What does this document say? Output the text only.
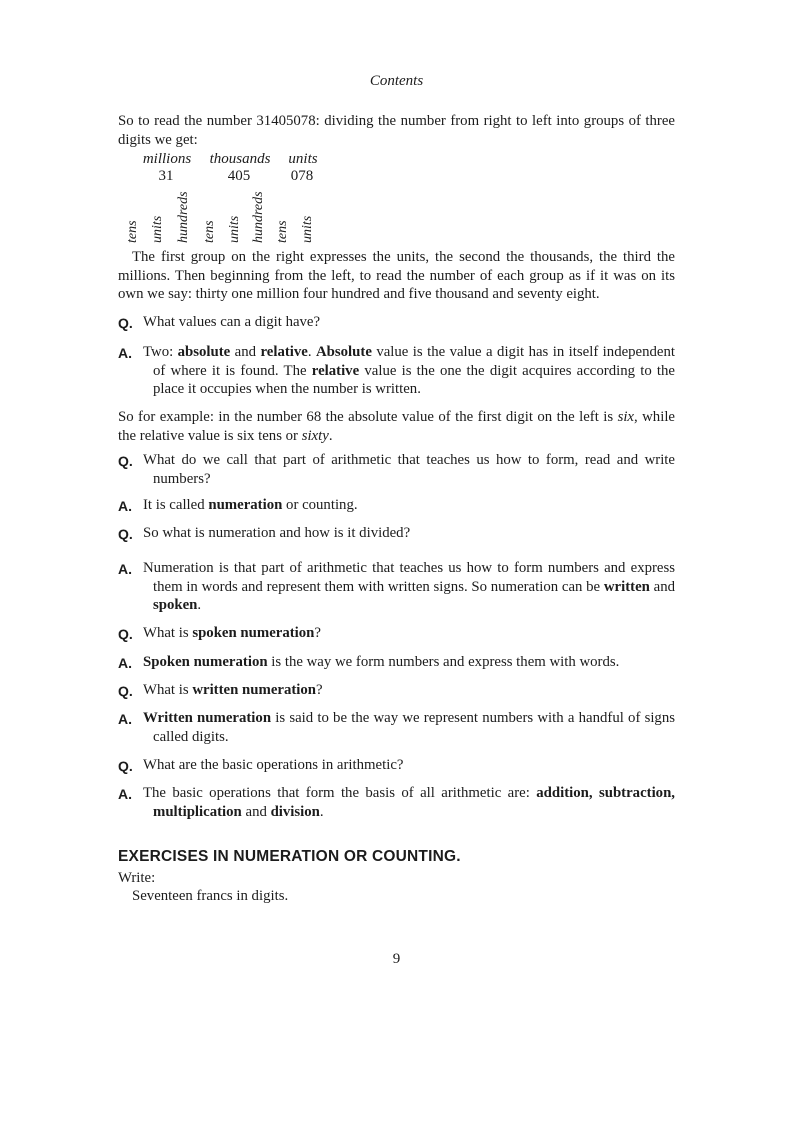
Contents
So to read the number 31405078: dividing the number from right to left into groups of three digits we get:
millions thousands units
31	405	078
tens units hundreds tens units hundreds tens units
The first group on the right expresses the units, the second the thousands, the third the millions. Then beginning from the left, to read the number of each group as if it was on its own we say: thirty one million four hundred and five thousand and seventy eight.
Q. What values can a digit have?
A. Two: absolute and relative. Absolute value is the value a digit has in itself independent of where it is found. The relative value is the one the digit acquires according to the place it occupies when the number is written.
So for example: in the number 68 the absolute value of the first digit on the left is six, while the relative value is six tens or sixty.
Q. What do we call that part of arithmetic that teaches us how to form, read and write numbers?
A. It is called numeration or counting.
Q. So what is numeration and how is it divided?
A. Numeration is that part of arithmetic that teaches us how to form numbers and express them in words and represent them with written signs. So numeration can be written and spoken.
Q. What is spoken numeration?
A. Spoken numeration is the way we form numbers and express them with words.
Q. What is written numeration?
A. Written numeration is said to be the way we represent numbers with a handful of signs called digits.
Q. What are the basic operations in arithmetic?
A. The basic operations that form the basis of all arithmetic are: addition, subtraction, multiplication and division.
EXERCISES IN NUMERATION OR COUNTING.
Write:
Seventeen francs in digits.
9
